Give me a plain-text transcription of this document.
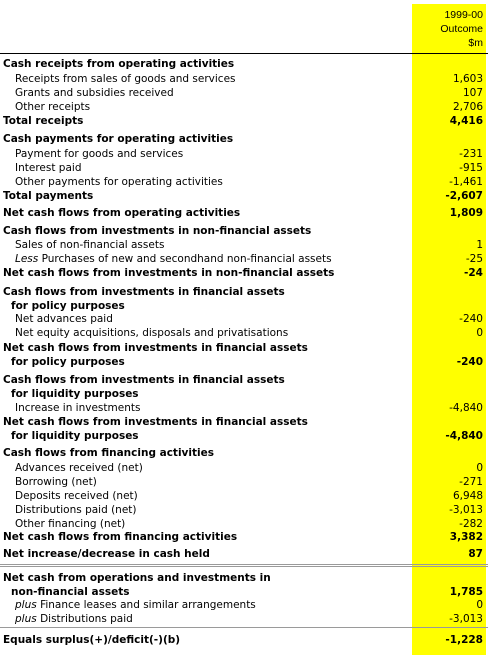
1999-00
Outcome
$m
Cash receipts from operating activities
Receipts from sales of goods and services	1,603
Grants and subsidies received	107
Other receipts	2,706
Total receipts	4,416
Cash payments for operating activities
Payment for goods and services	-231
Interest paid	-915
Other payments for operating activities	-1,461
Total payments	-2,607
Net cash flows from operating activities	1,809
Cash flows from investments in non-financial assets
Sales of non-financial assets	1
Less Purchases of new and secondhand non-financial assets	-25
Net cash flows from investments in non-financial assets	-24
Cash flows from investments in financial assets
for policy purposes
Net advances paid	-240
Net equity acquisitions, disposals and privatisations	0
Net cash flows from investments in financial assets
for policy purposes	-240
Cash flows from investments in financial assets
for liquidity purposes
Increase in investments	-4,840
Net cash flows from investments in financial assets
for liquidity purposes	-4,840
Cash flows from financing activities
Advances received (net)	0
Borrowing (net)	-271
Deposits received (net)	6,948
Distributions paid (net)	-3,013
Other financing (net)	-282
Net cash flows from financing activities	3,382
Net increase/decrease in cash held	87
Net cash from operations and investments in
non-financial assets	1,785
plus Finance leases and similar arrangements	0
plus Distributions paid	-3,013
Equals surplus(+)/deficit(-)(b)	-1,228
